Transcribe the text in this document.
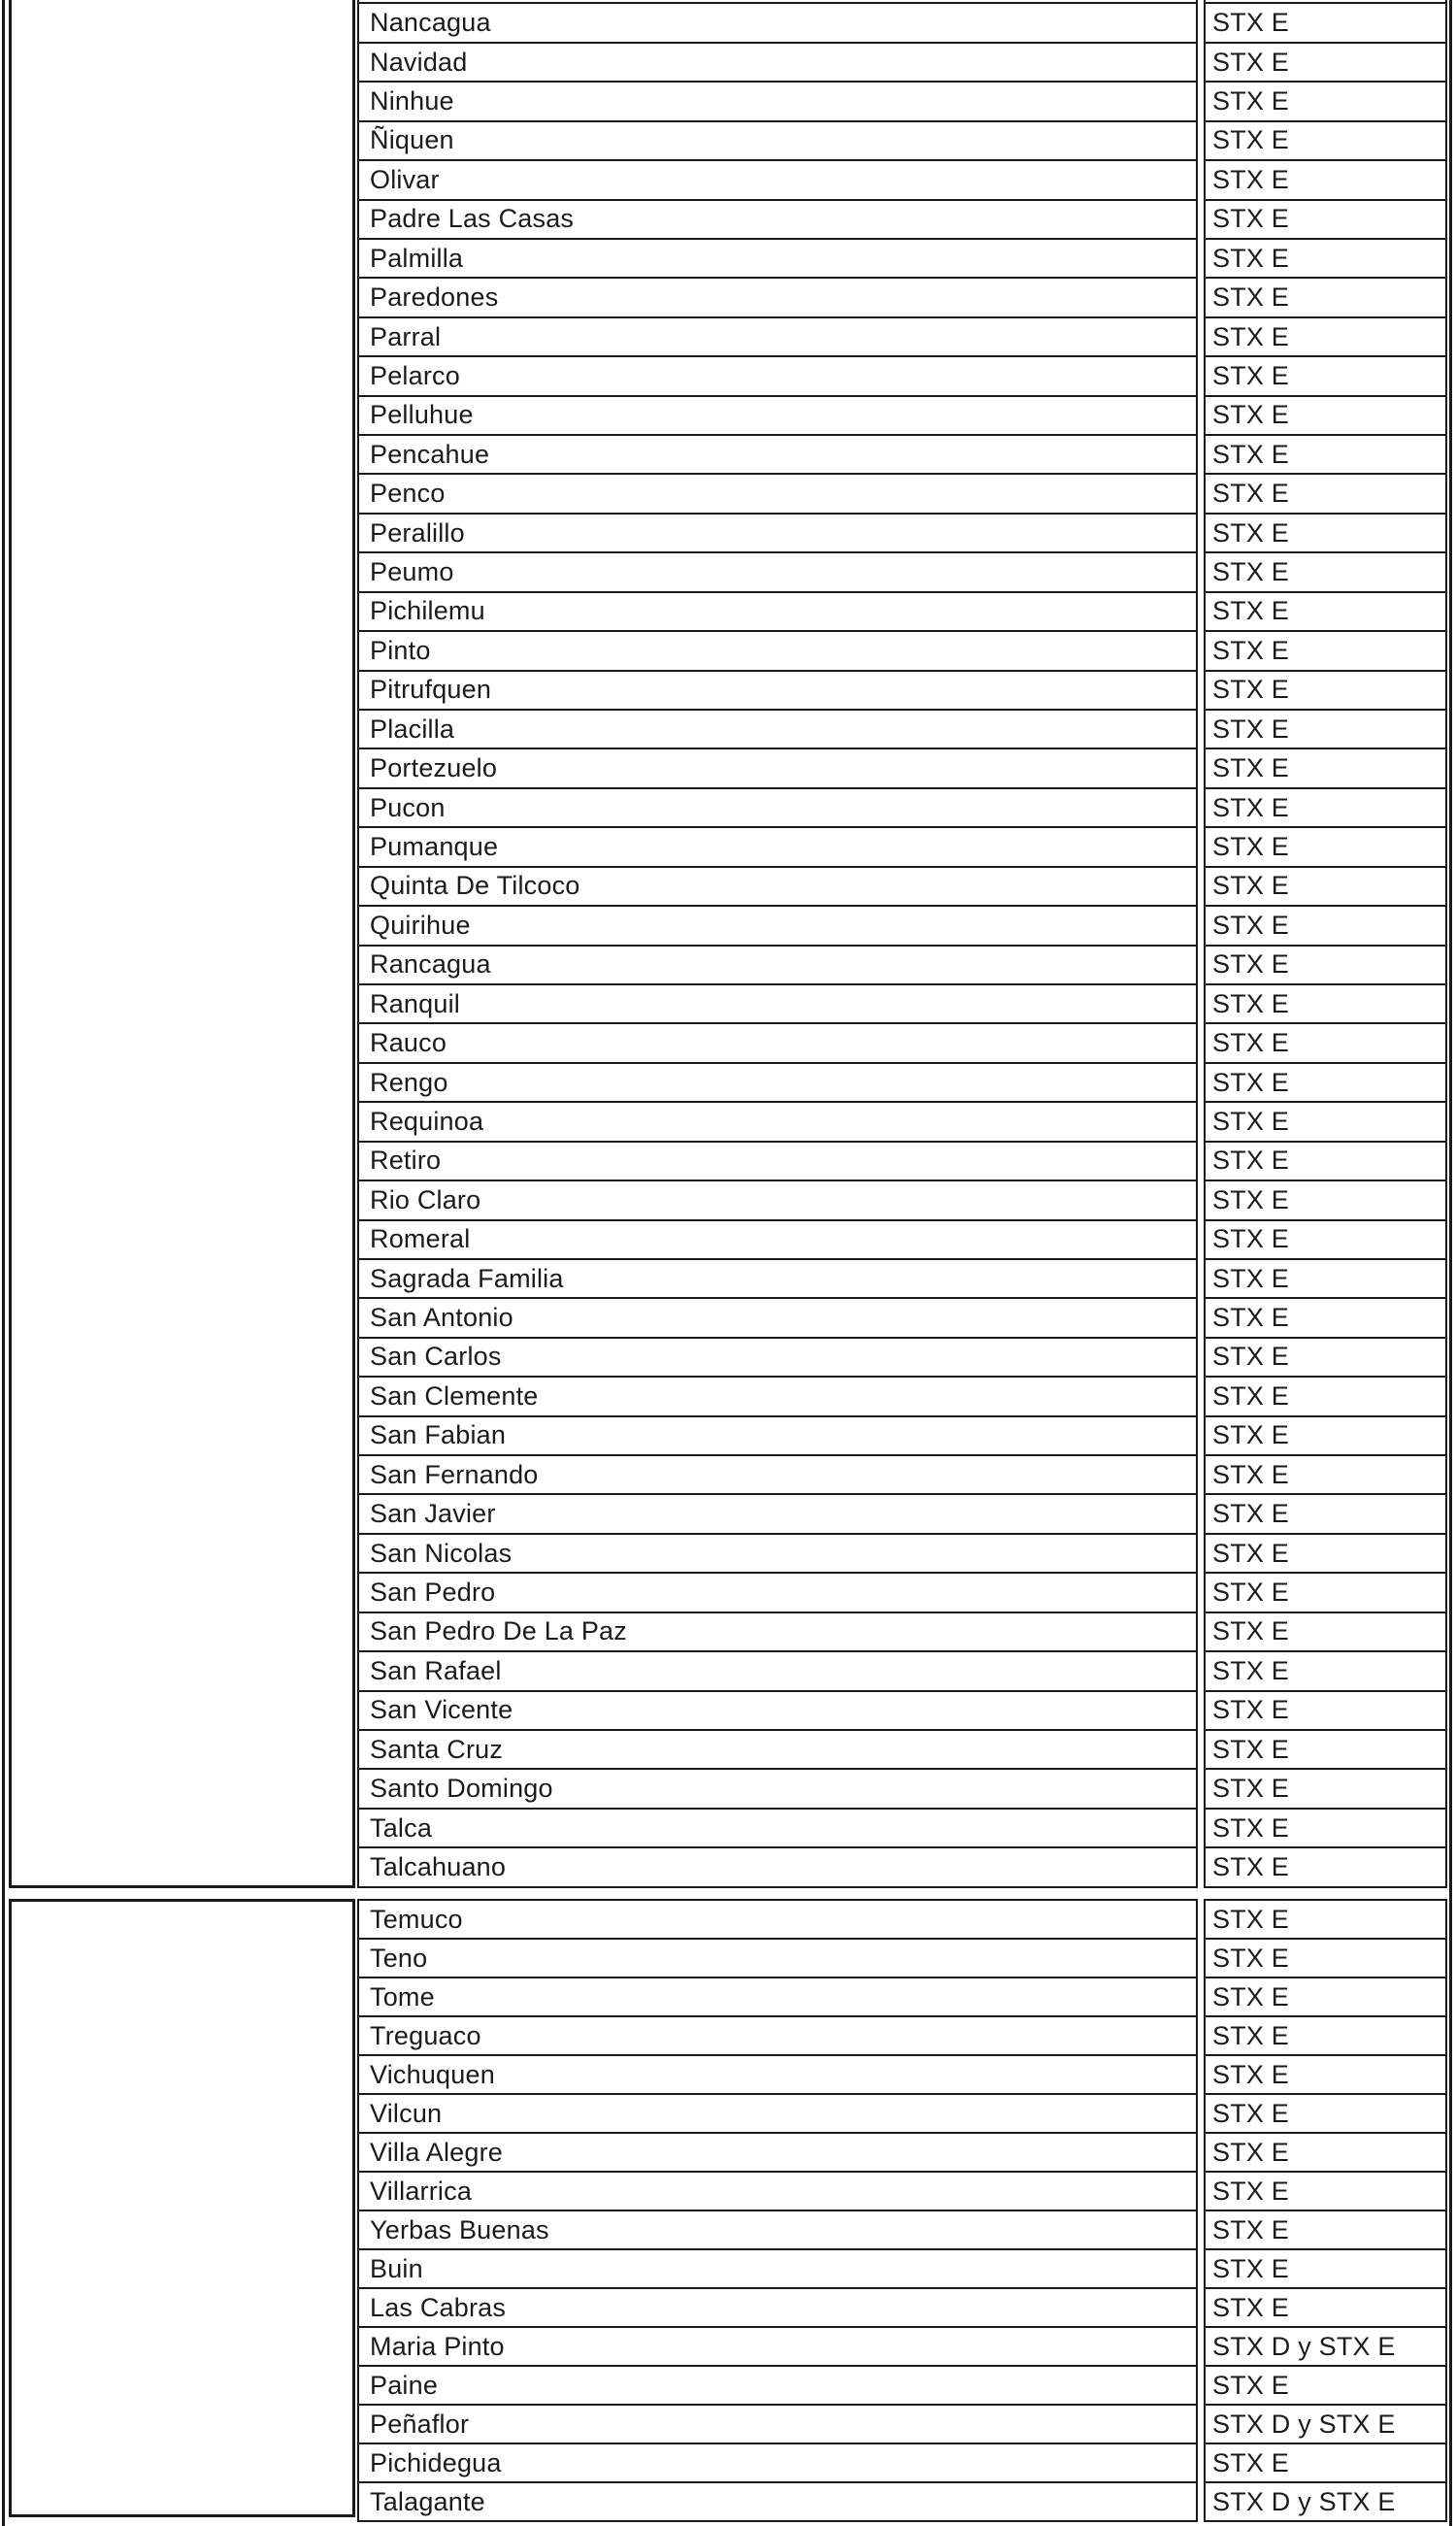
Nancagua
Navidad
Ninhue
Ñiquen
Olivar
Padre Las Casas
Palmilla
Paredones
Parral
Pelarco
Pelluhue
Pencahue
Penco
Peralillo
Peumo
Pichilemu
Pinto
Pitrufquen
Placilla
Portezuelo
Pucon
Pumanque
Quinta De Tilcoco
Quirihue
Rancagua
Ranquil
Rauco
Rengo
Requinoa
Retiro
Rio Claro
Romeral
Sagrada Familia
San Antonio
San Carlos
San Clemente
San Fabian
San Fernando
San Javier
San Nicolas
San Pedro
San Pedro De La Paz
San Rafael
San Vicente
Santa Cruz
Santo Domingo
Talca
Talcahuano
STX E
STX E
STX E
STX E
STX E
STX E
STX E
STX E
STX E
STX E
STX E
STX E
STX E
STX E
STX E
STX E
STX E
STX E
STX E
STX E
STX E
STX E
STX E
STX E
STX E
STX E
STX E
STX E
STX E
STX E
STX E
STX E
STX E
STX E
STX E
STX E
STX E
STX E
STX E
STX E
STX E
STX E
STX E
STX E
STX E
STX E
STX E
STX E
Temuco
Teno
Tome
Treguaco
Vichuquen
Vilcun
Villa Alegre
Villarrica
Yerbas Buenas
Buin
Las Cabras
Maria Pinto
Paine
Peñaflor
Pichidegua
Talagante
STX E
STX E
STX E
STX E
STX E
STX E
STX E
STX E
STX E
STX E
STX E
STX D y STX E
STX E
STX D y STX E
STX E
STX D y STX E
